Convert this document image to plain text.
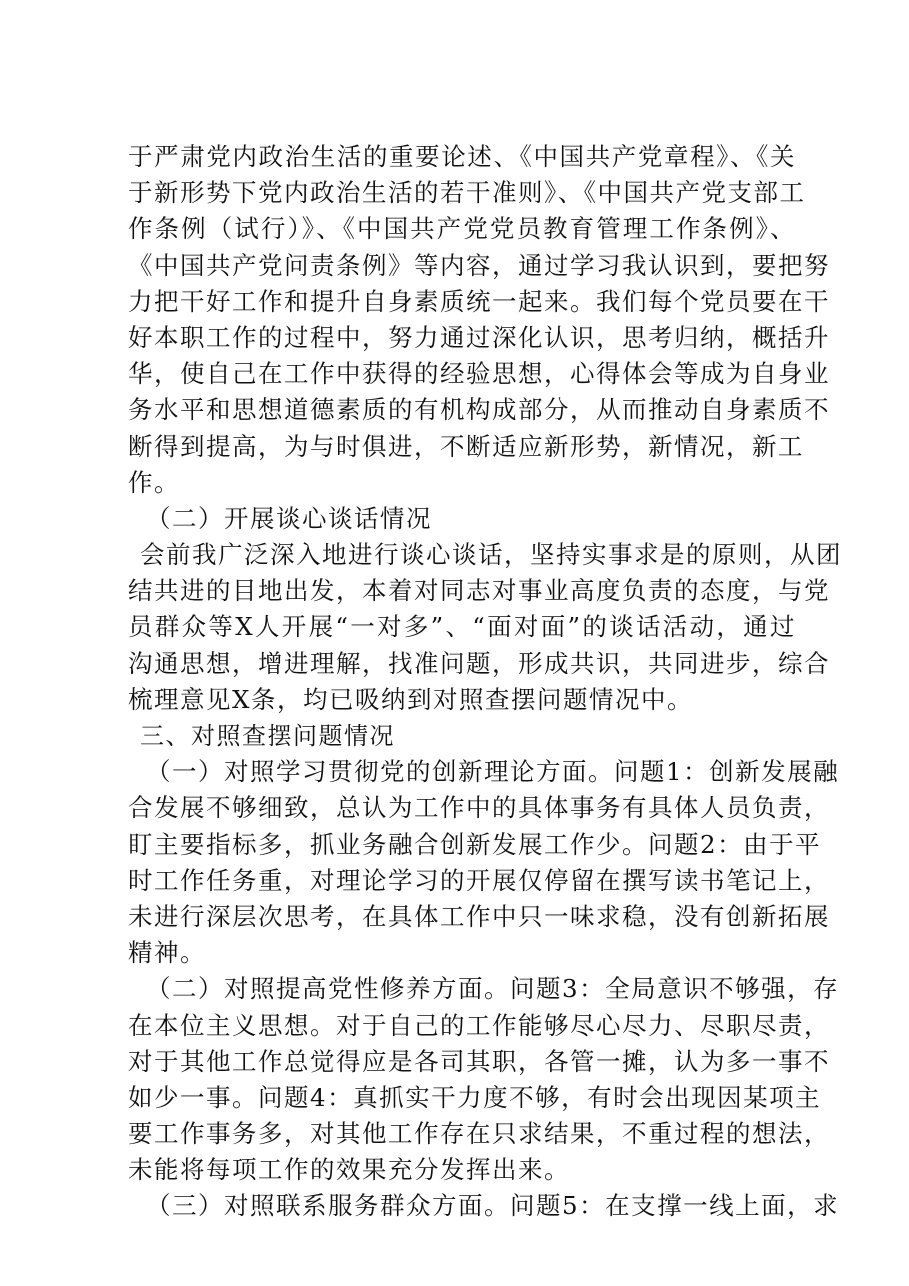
于严肃党内政治生活的重要论述、《中国共产党章程》、《关
于新形势下党内政治生活的若干准则》、《中国共产党支部工
作条例（试行）》、《中国共产党党员教育管理工作条例》、
《中国共产党问责条例》等内容，通过学习我认识到，要把努
力把干好工作和提升自身素质统一起来。我们每个党员要在干
好本职工作的过程中，努力通过深化认识，思考归纳，概括升
华，使自己在工作中获得的经验思想，心得体会等成为自身业
务水平和思想道德素质的有机构成部分，从而推动自身素质不
断得到提高，为与时俱进，不断适应新形势，新情况，新工
作。
（二）开展谈心谈话情况
会前我广泛深入地进行谈心谈话，坚持实事求是的原则，从团
结共进的目地出发，本着对同志对事业高度负责的态度，与党
员群众等X人开展“一对多”、“面对面”的谈话活动，通过
沟通思想，增进理解，找准问题，形成共识，共同进步，综合
梳理意见X条，均已吸纳到对照查摆问题情况中。
三、对照查摆问题情况
（一）对照学习贯彻党的创新理论方面。问题1：创新发展融
合发展不够细致，总认为工作中的具体事务有具体人员负责，
盯主要指标多，抓业务融合创新发展工作少。问题2：由于平
时工作任务重，对理论学习的开展仅停留在撰写读书笔记上，
未进行深层次思考，在具体工作中只一味求稳，没有创新拓展
精神。
（二）对照提高党性修养方面。问题3：全局意识不够强，存
在本位主义思想。对于自己的工作能够尽心尽力、尽职尽责，
对于其他工作总觉得应是各司其职，各管一摊，认为多一事不
如少一事。问题4：真抓实干力度不够，有时会出现因某项主
要工作事务多，对其他工作存在只求结果，不重过程的想法，
未能将每项工作的效果充分发挥出来。
（三）对照联系服务群众方面。问题5：在支撑一线上面，求
